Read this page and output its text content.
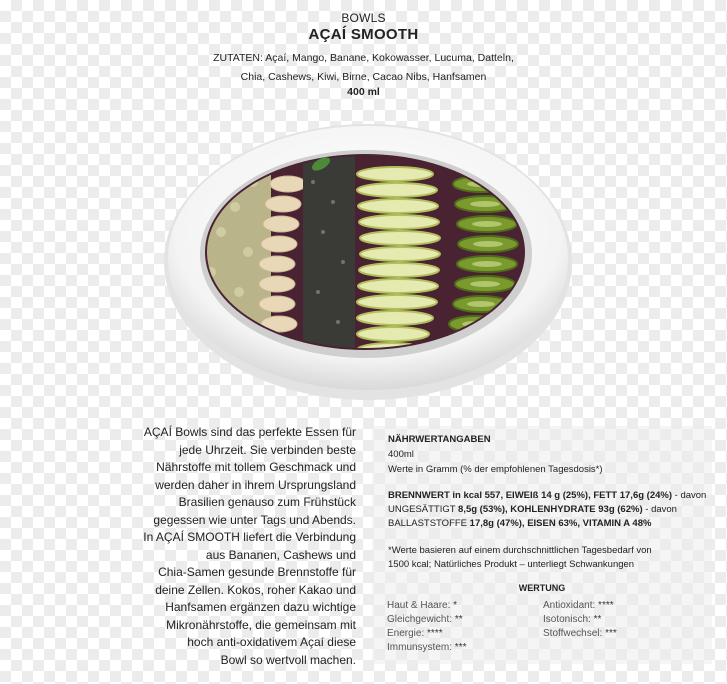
BOWLS
AÇAÍ SMOOTH
ZUTATEN: Açaí, Mango, Banane, Kokowasser, Lucuma, Datteln,
Chia, Cashews, Kiwi, Birne, Cacao Nibs, Hanfsamen
400 ml
AÇAÍ Bowls sind das perfekte Essen für
jede Uhrzeit. Sie verbinden beste
Nährstoffe mit tollem Geschmack und
werden daher in ihrem Ursprungsland
Brasilien genauso zum Frühstück
gegessen wie unter Tags und Abends.
In AÇAÍ SMOOTH liefert die Verbindung
aus Bananen, Cashews und
Chia-Samen gesunde Brennstoffe für
deine Zellen. Kokos, roher Kakao und
Hanfsamen ergänzen dazu wichtige
Mikronährstoffe, die gemeinsam mit
hoch anti-oxidativem Açaí diese
Bowl so wertvoll machen.
NÄHRWERTANGABEN
400ml
Werte in Gramm (% der empfohlenen Tagesdosis*)
BRENNWERT in kcal 557, EIWEIß 14 g (25%), FETT 17,6g (24%) - davon
UNGESÄTTIGT 8,5g (53%), KOHLENHYDRATE 93g (62%) - davon
BALLASTSTOFFE 17,8g (47%), EISEN 63%, VITAMIN A 48%
*Werte basieren auf einem durchschnittlichen Tagesbedarf von
1500 kcal; Natürliches Produkt – unterliegt Schwankungen
WERTUNG
Haut & Haare: *	Antioxidant: ****
Gleichgewicht: **	Isotonisch: **
Energie: ****	Stoffwechsel: ***
Immunsystem: ***
